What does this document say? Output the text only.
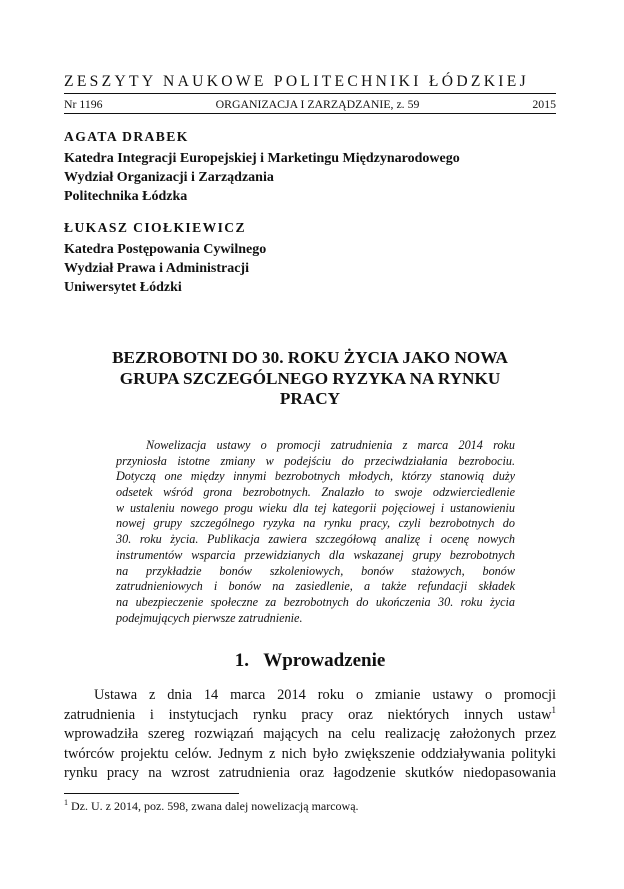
ZESZYTY NAUKOWE POLITECHNIKI ŁÓDZKIEJ
Nr 1196	ORGANIZACJA I ZARZĄDZANIE, z. 59	2015
AGATA DRABEK
Katedra Integracji Europejskiej i Marketingu Międzynarodowego
Wydział Organizacji i Zarządzania
Politechnika Łódzka
ŁUKASZ CIOŁKIEWICZ
Katedra Postępowania Cywilnego
Wydział Prawa i Administracji
Uniwersytet Łódzki
BEZROBOTNI DO 30. ROKU ŻYCIA JAKO NOWA
GRUPA SZCZEGÓLNEGO RYZYKA NA RYNKU
PRACY
Nowelizacja ustawy o promocji zatrudnienia z marca 2014 roku
przyniosła istotne zmiany w podejściu do przeciwdziałania bezrobociu.
Dotyczą one między innymi bezrobotnych młodych, którzy stanowią duży
odsetek wśród grona bezrobotnych. Znalazło to swoje odzwierciedlenie
w ustaleniu nowego progu wieku dla tej kategorii pojęciowej i ustanowieniu
nowej grupy szczególnego ryzyka na rynku pracy, czyli bezrobotnych do
30. roku życia. Publikacja zawiera szczegółową analizę i ocenę nowych
instrumentów wsparcia przewidzianych dla wskazanej grupy bezrobotnych
na przykładzie bonów szkoleniowych, bonów stażowych, bonów
zatrudnieniowych i bonów na zasiedlenie, a także refundacji składek
na ubezpieczenie społeczne za bezrobotnych do ukończenia 30. roku życia
podejmujących pierwsze zatrudnienie.
1. Wprowadzenie
Ustawa z dnia 14 marca 2014 roku o zmianie ustawy o promocji
zatrudnienia i instytucjach rynku pracy oraz niektórych innych ustaw$^1$
wprowadziła szereg rozwiązań mających na celu realizację założonych przez
twórców projektu celów. Jednym z nich było zwiększenie oddziaływania polityki
rynku pracy na wzrost zatrudnienia oraz łagodzenie skutków niedopasowania
$^1$ Dz. U. z 2014, poz. 598, zwana dalej nowelizacją marcową.
